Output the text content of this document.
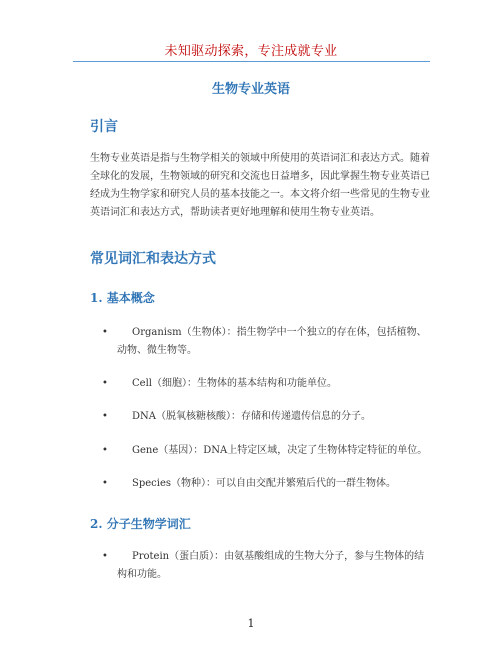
未知驱动探索，专注成就专业
生物专业英语
引言

生物专业英语是指与生物学相关的领域中所使用的英语词汇和表达方式。随着全球化的发展，生物领域的研究和交流也日益增多，因此掌握生物专业英语已经成为生物学家和研究人员的基本技能之一。本文将介绍一些常见的生物专业英语词汇和表达方式，帮助读者更好地理解和使用生物专业英语。

常见词汇和表达方式
1. 基本概念
•	Organism（生物体）：指生物学中一个独立的存在体，包括植物、
动物、微生物等。
•	Cell（细胞）：生物体的基本结构和功能单位。
•	DNA（脱氧核糖核酸）：存储和传递遗传信息的分子。
•	Gene（基因）：DNA上特定区域，决定了生物体特定特征的单位。
•	Species（物种）：可以自由交配并繁殖后代的一群生物体。
2. 分子生物学词汇
•	Protein（蛋白质）：由氨基酸组成的生物大分子，参与生物体的结
构和功能。
1
